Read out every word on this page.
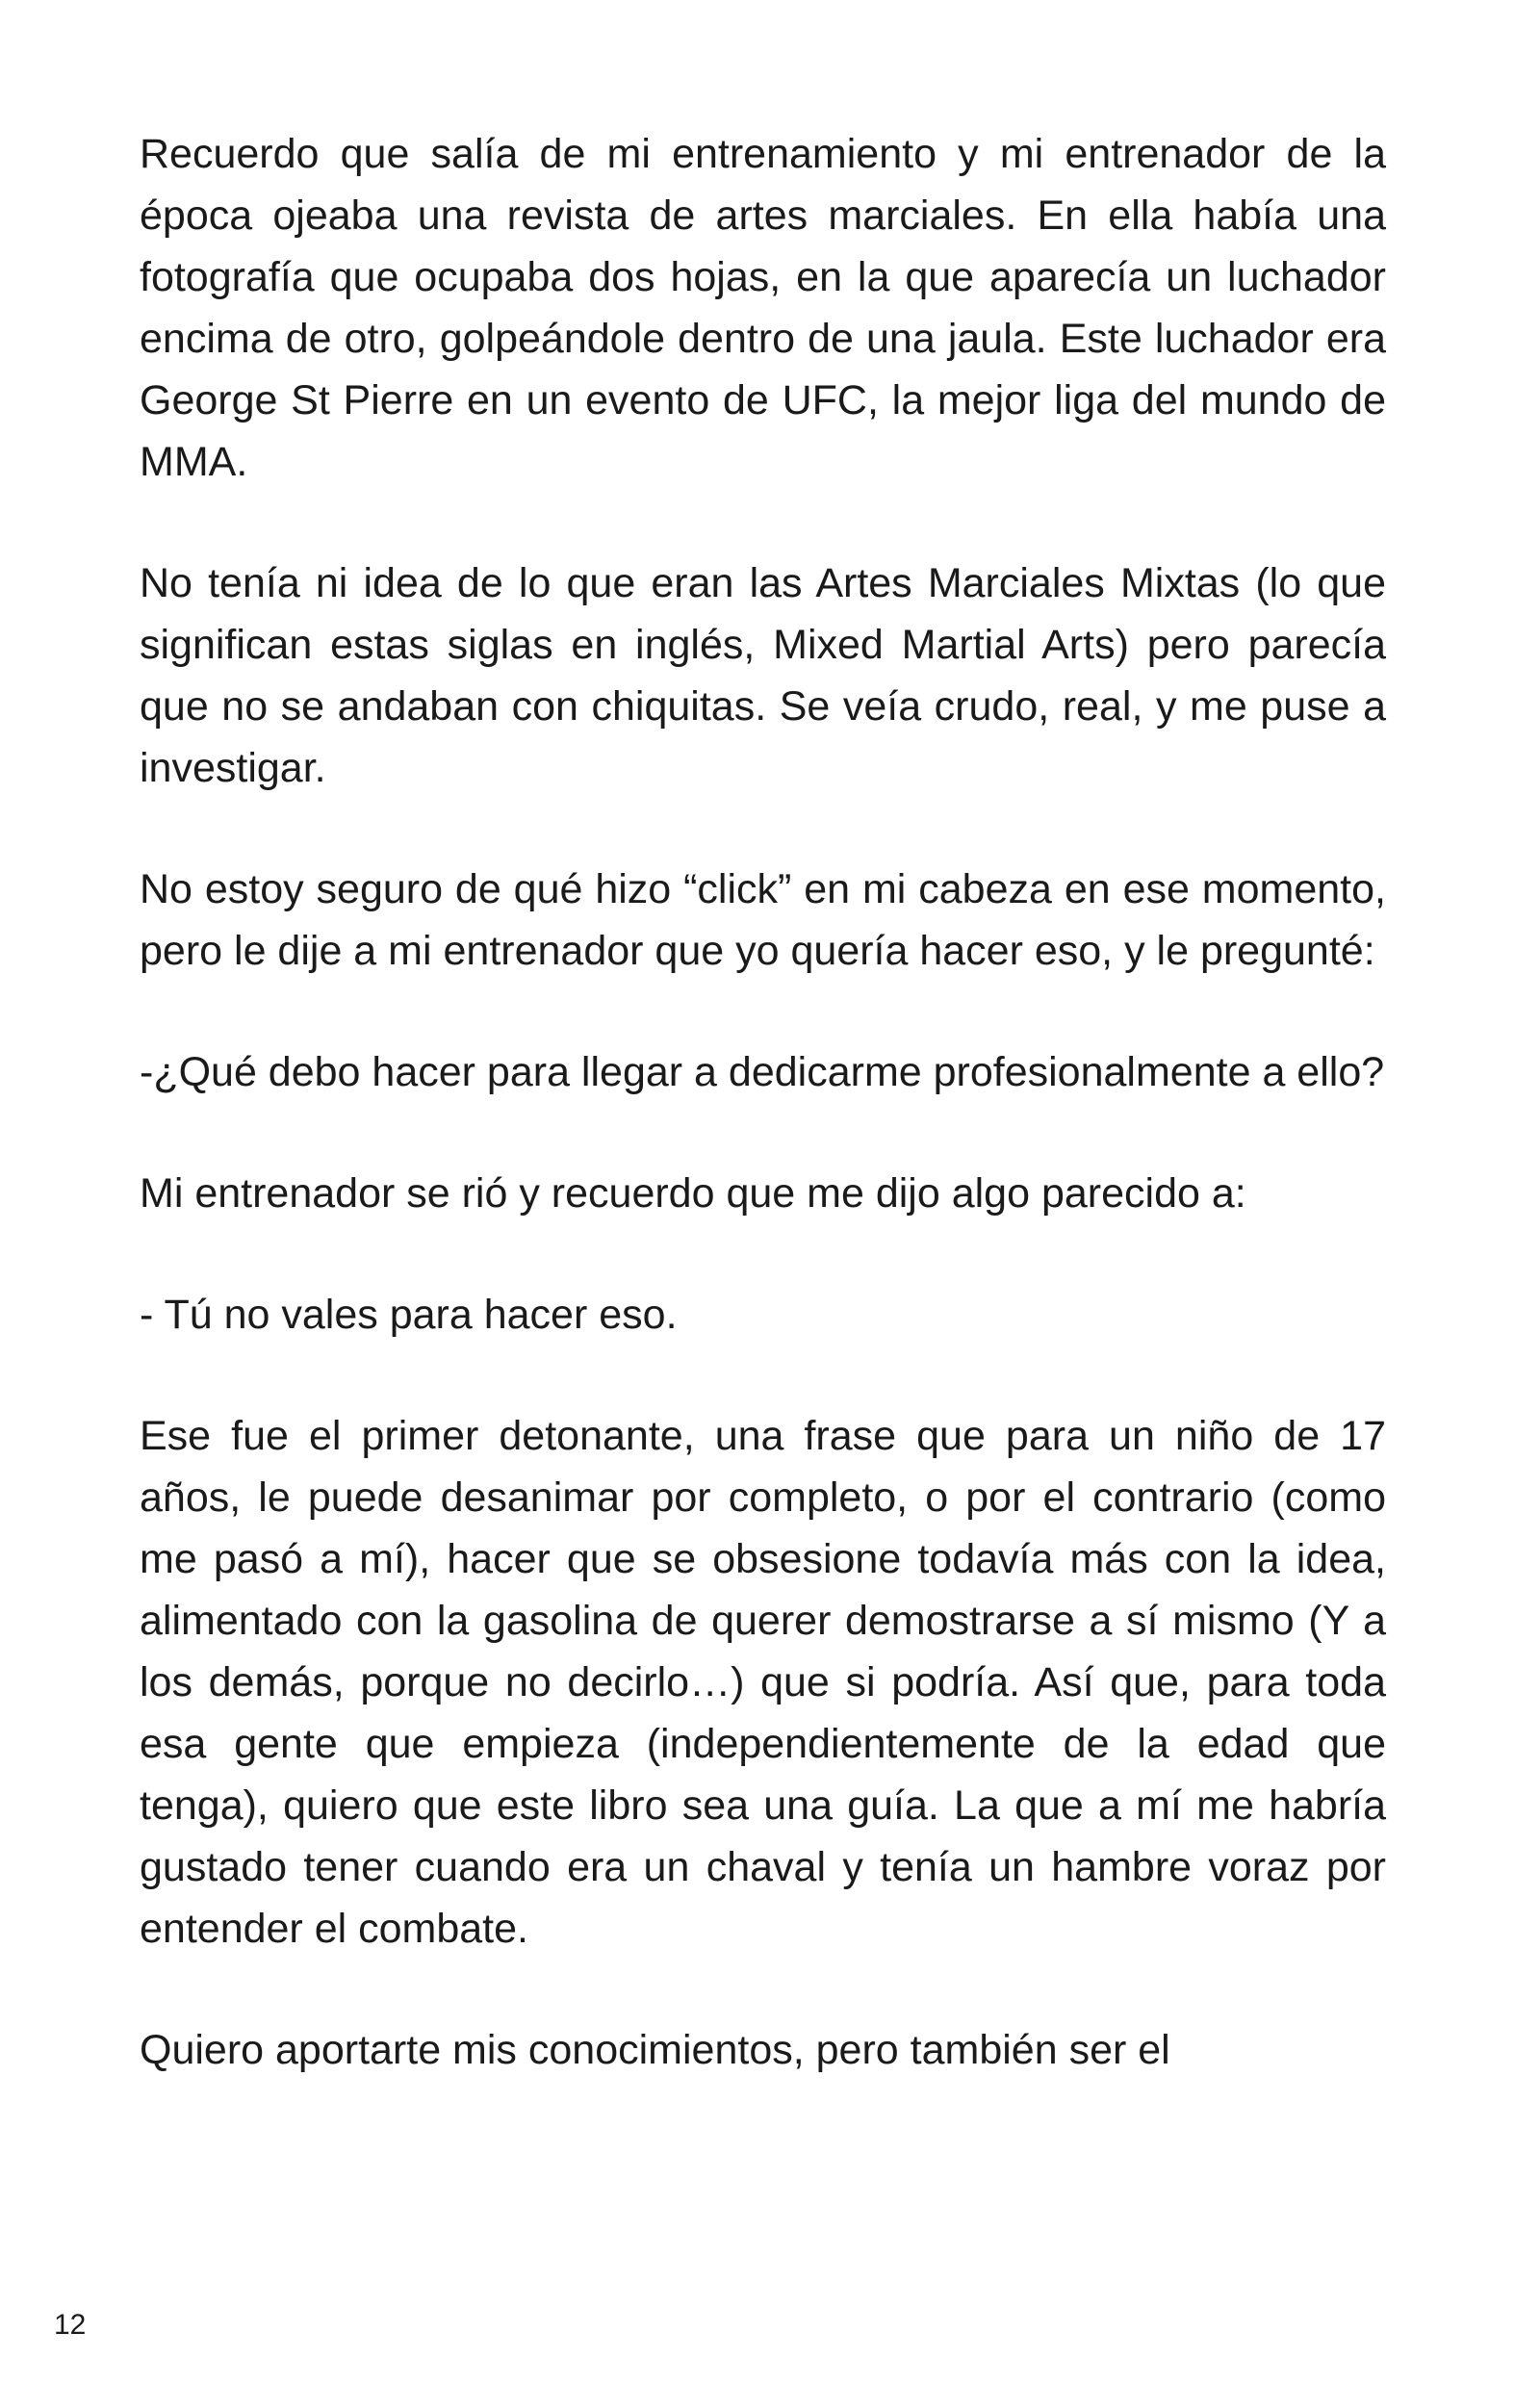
Recuerdo que salía de mi entrenamiento y mi entrenador de la época ojeaba una revista de artes marciales. En ella había una fotografía que ocupaba dos hojas, en la que aparecía un luchador encima de otro, golpeándole dentro de una jaula. Este luchador era George St Pierre en un evento de UFC, la mejor liga del mundo de MMA.

No tenía ni idea de lo que eran las Artes Marciales Mixtas (lo que significan estas siglas en inglés, Mixed Martial Arts) pero parecía que no se andaban con chiquitas. Se veía crudo, real, y me puse a investigar.

No estoy seguro de qué hizo “click” en mi cabeza en ese momento, pero le dije a mi entrenador que yo quería hacer eso, y le pregunté:

-¿Qué debo hacer para llegar a dedicarme profesionalmente a ello?

Mi entrenador se rió y recuerdo que me dijo algo parecido a:

- Tú no vales para hacer eso.

Ese fue el primer detonante, una frase que para un niño de 17 años, le puede desanimar por completo, o por el contrario (como me pasó a mí), hacer que se obsesione todavía más con la idea, alimentado con la gasolina de querer demostrarse a sí mismo (Y a los demás, porque no decirlo…) que si podría. Así que, para toda esa gente que empieza (independientemente de la edad que tenga), quiero que este libro sea una guía. La que a mí me habría gustado tener cuando era un chaval y tenía un hambre voraz por entender el combate.

Quiero aportarte mis conocimientos, pero también ser el

12
